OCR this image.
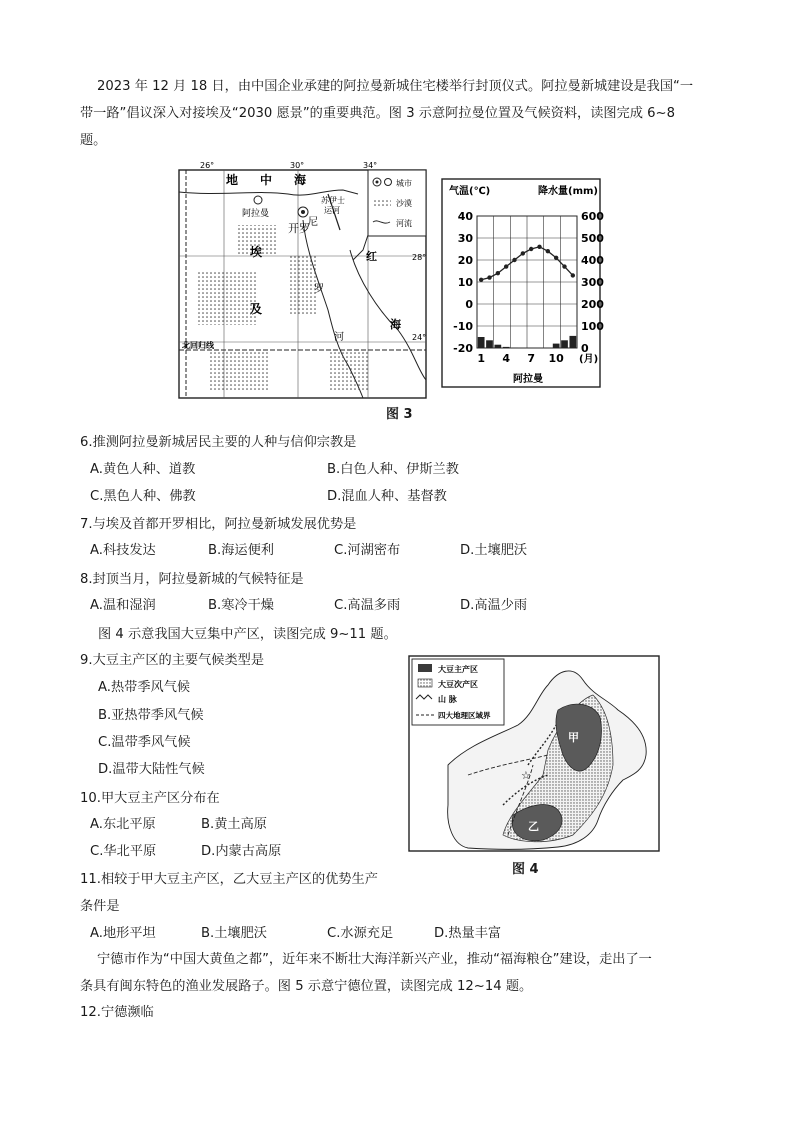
2023 年 12 月 18 日，由中国企业承建的阿拉曼新城住宅楼举行封顶仪式。阿拉曼新城建设是我国“一
带一路”倡议深入对接埃及“2030 愿景”的重要典范。图 3 示意阿拉曼位置及气候资料，读图完成 6~8
题。
26°	30°	34°
28°
24°
地 中 海
阿拉曼
开罗
苏伊士
运河
埃
及
尼
罗
河
红
海
北回归线
城市
沙漠
河流
气温(℃)	降水量(mm)
40
30
20
10
0
-10
-20
600
500
400
300
200
100
0
1 4 7 10 (月)
阿拉曼
图 3
6.推测阿拉曼新城居民主要的人种与信仰宗教是
A.黄色人种、道教	B.白色人种、伊斯兰教
C.黑色人种、佛教	D.混血人种、基督教
7.与埃及首都开罗相比，阿拉曼新城发展优势是
A.科技发达	B.海运便利	C.河湖密布	D.土壤肥沃
8.封顶当月，阿拉曼新城的气候特征是
A.温和湿润	B.寒冷干燥	C.高温多雨	D.高温少雨
图 4 示意我国大豆集中产区，读图完成 9~11 题。
9.大豆主产区的主要气候类型是
A.热带季风气候
B.亚热带季风气候
C.温带季风气候
D.温带大陆性气候
10.甲大豆主产区分布在
A.东北平原	B.黄土高原
C.华北平原	D.内蒙古高原
11.相较于甲大豆主产区，乙大豆主产区的优势生产
条件是
A.地形平坦	B.土壤肥沃	C.水源充足	D.热量丰富
☆
甲
乙
大豆主产区
大豆次产区
山 脉
四大地理区域界
图 4
宁德市作为“中国大黄鱼之都”，近年来不断壮大海洋新兴产业，推动“福海粮仓”建设，走出了一
条具有闽东特色的渔业发展路子。图 5 示意宁德位置，读图完成 12~14 题。
12.宁德濒临
